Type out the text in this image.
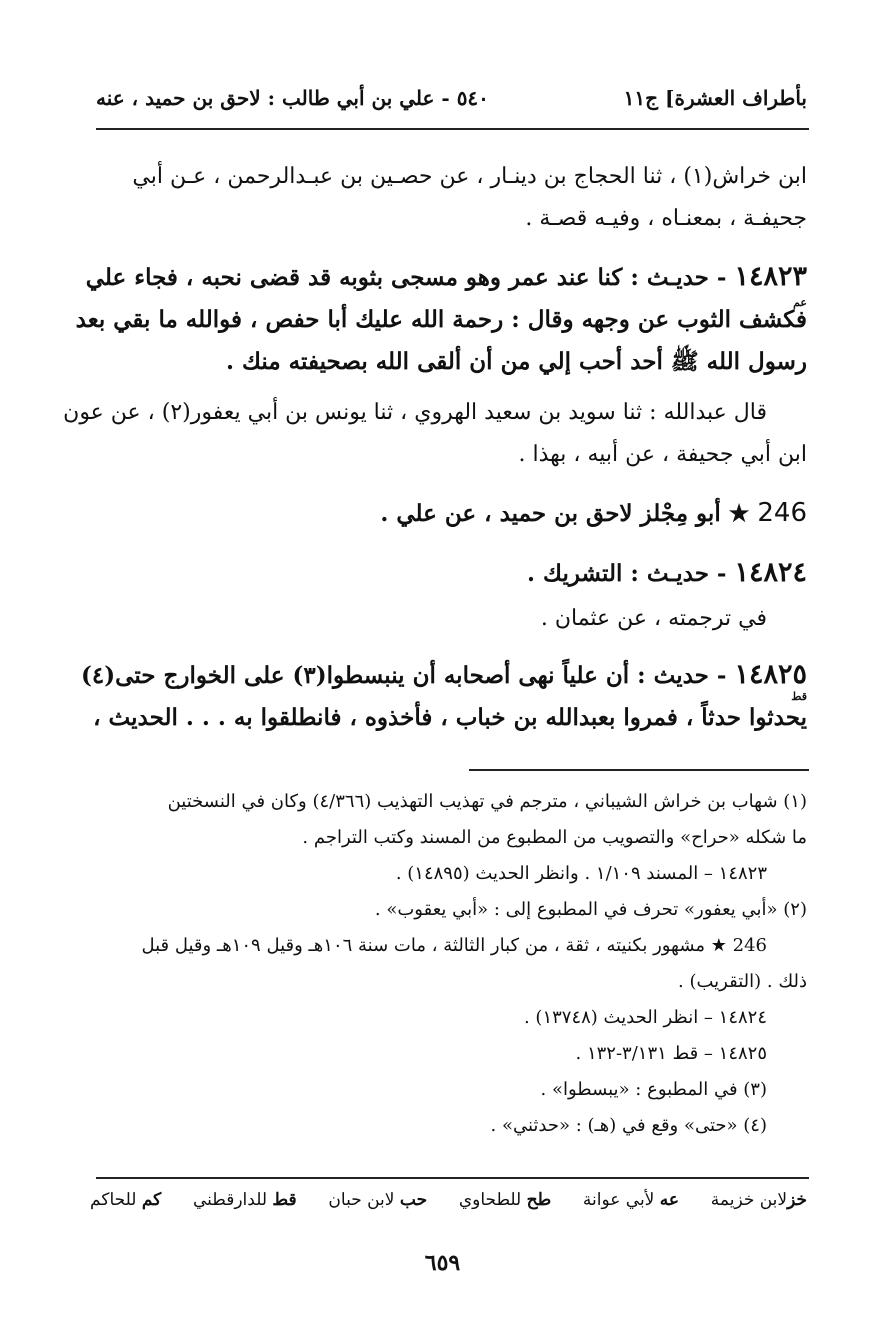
بأطراف العشرة] ج١١
٥٤٠ - علي بن أبي طالب : لاحق بن حميد ، عنه
ابن خراش(١) ، ثنا الحجاج بن دينـار ، عن حصـين بن عبـدالرحمن ، عـن أبي
جحيفـة ، بمعنـاه ، وفيـه قصـة .
١٤٨٢٣ - حديـث : كنا عند عمر وهو مسجى بثوبه قد قضى نحبه ، فجاء علي
فكشف الثوب عن وجهه وقال : رحمة الله عليك أبا حفص ، فوالله ما بقي بعد
رسول الله ﷺ أحد أحب إلي من أن ألقى الله بصحيفته منك .
عم
قال عبدالله : ثنا سويد بن سعيد الهروي ، ثنا يونس بن أبي يعفور(٢) ، عن عون
ابن أبي جحيفة ، عن أبيه ، بهذا .
246 ★ أبو مِجْلز لاحق بن حميد ، عن علي .
١٤٨٢٤ - حديـث : التشريك .
في ترجمته ، عن عثمان .
١٤٨٢٥ - حديث : أن علياً نهى أصحابه أن ينبسطوا(٣) على الخوارج حتى(٤)
يحدثوا حدثاً ، فمروا بعبدالله بن خباب ، فأخذوه ، فانطلقوا به . . . الحديث ،
قط
(١) شهاب بن خراش الشيباني ، مترجم في تهذيب التهذيب (٤/٣٦٦) وكان في النسختين
ما شكله «حراح» والتصويب من المطبوع من المسند وكتب التراجم .
١٤٨٢٣ – المسند ١/١٠٩ . وانظر الحديث (١٤٨٩٥) .
(٢) «أبي يعفور» تحرف في المطبوع إلى : «أبي يعقوب» .
246 ★ مشهور بكنيته ، ثقة ، من كبار الثالثة ، مات سنة ١٠٦هـ وقيل ١٠٩هـ وقيل قبل
ذلك . (التقريب) .
١٤٨٢٤ – انظر الحديث (١٣٧٤٨) .
١٤٨٢٥ – قط ٣/١٣١-١٣٢ .
(٣) في المطبوع : «يبسطوا» .
(٤) «حتى» وقع في (هـ) : «حدثني» .
خزلابن خزيمة
عه لأبي عوانة
طح للطحاوي
حب لابن حبان
قط للدارقطني
كم للحاكم
٦٥٩
